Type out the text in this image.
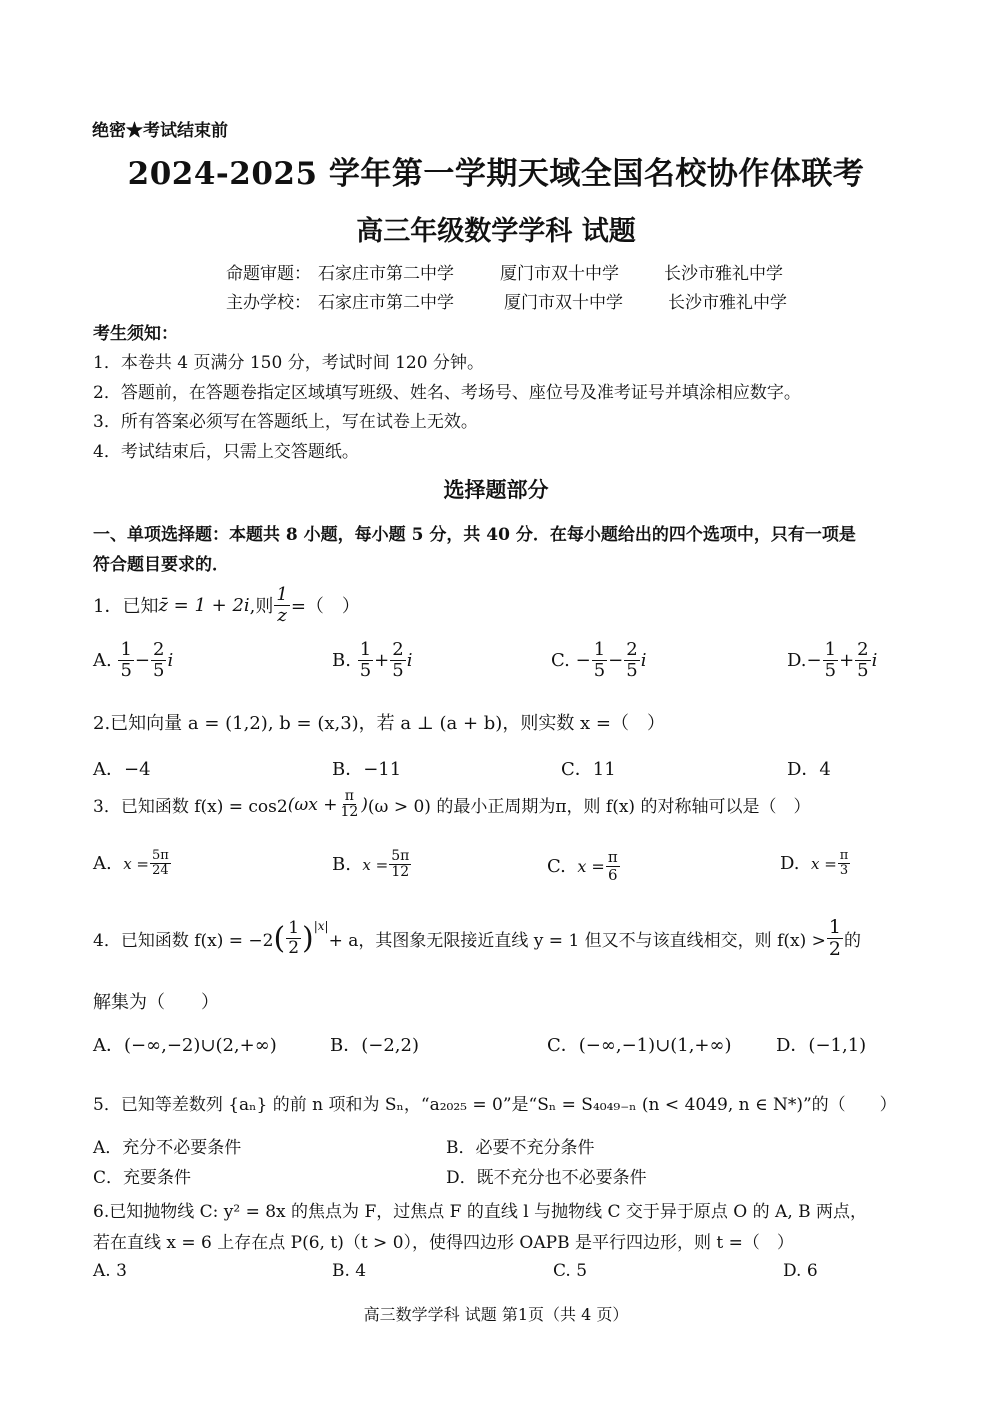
绝密★考试结束前
2024-2025 学年第一学期天域全国名校协作体联考
高三年级数学学科 试题
命题审题： 石家庄市第二中学	厦门市双十中学	长沙市雅礼中学
主办学校： 石家庄市第二中学	厦门市双十中学	长沙市雅礼中学
考生须知：
1．本卷共 4 页满分 150 分，考试时间 120 分钟。
2．答题前，在答题卷指定区域填写班级、姓名、考场号、座位号及准考证号并填涂相应数字。
3．所有答案必须写在答题纸上，写在试卷上无效。
4．考试结束后，只需上交答题纸。
选择题部分
一、单项选择题：本题共 8 小题，每小题 5 分，共 40 分．在每小题给出的四个选项中，只有一项是
符合题目要求的．
1．已知 z̄ = 1 + 2i ,则 $\frac{1}{z}$ =（　）
A.
$\frac{1}{5} - \frac{2}{5}$ i	B.
$\frac{1}{5} + \frac{2}{5}$ i	C.
− $\frac{1}{5} - \frac{2}{5}$ i	D. − $\frac{1}{5} + \frac{2}{5}$ i
2.已知向量 a = (1,2), b = (x,3)，若 a ⊥ (a + b)，则实数 x =（　）
A．−4	B．−11	C．11	D．4
3．已知函数 f(x) = cos2 ($\omega x + \frac{\pi}{12}$ ) (ω > 0) 的最小正周期为π，则 f(x) 的对称轴可以是（　）
A.
$x = \frac{5\pi}{24}$	B.
$x = \frac{5\pi}{12}$	C.
$x = \frac{\pi}{6}$	D.
$x = \frac{\pi}{3}$
4．已知函数 f(x) = −2 ( $\frac{1}{2}$ ) |x|
+ a，其图象无限接近直线 y = 1 但又不与该直线相交，则 $f(x) > \frac{1}{2}$ 的
解集为（　　）
A．(−∞,−2)∪(2,+∞)	B．(−2,2)	C．(−∞,−1)∪(1,+∞) D．(−1,1)
5．已知等差数列 {aₙ} 的前 n 项和为 Sₙ，“a₂₀₂₅ = 0”是“Sₙ = S₄₀₄₉₋ₙ (n < 4049, n ∈ N*)”的（　　）
A．充分不必要条件	B．必要不充分条件
C．充要条件	D．既不充分也不必要条件
6.已知抛物线 C: y² = 8x 的焦点为 F，过焦点 F 的直线 l 与抛物线 C 交于异于原点 O 的 A, B 两点，
若在直线 x = 6 上存在点 P(6, t)（t > 0），使得四边形 OAPB 是平行四边形，则 t =（　）
A. 3	B. 4	C. 5	D. 6
高三数学学科 试题 第1页（共 4 页）
